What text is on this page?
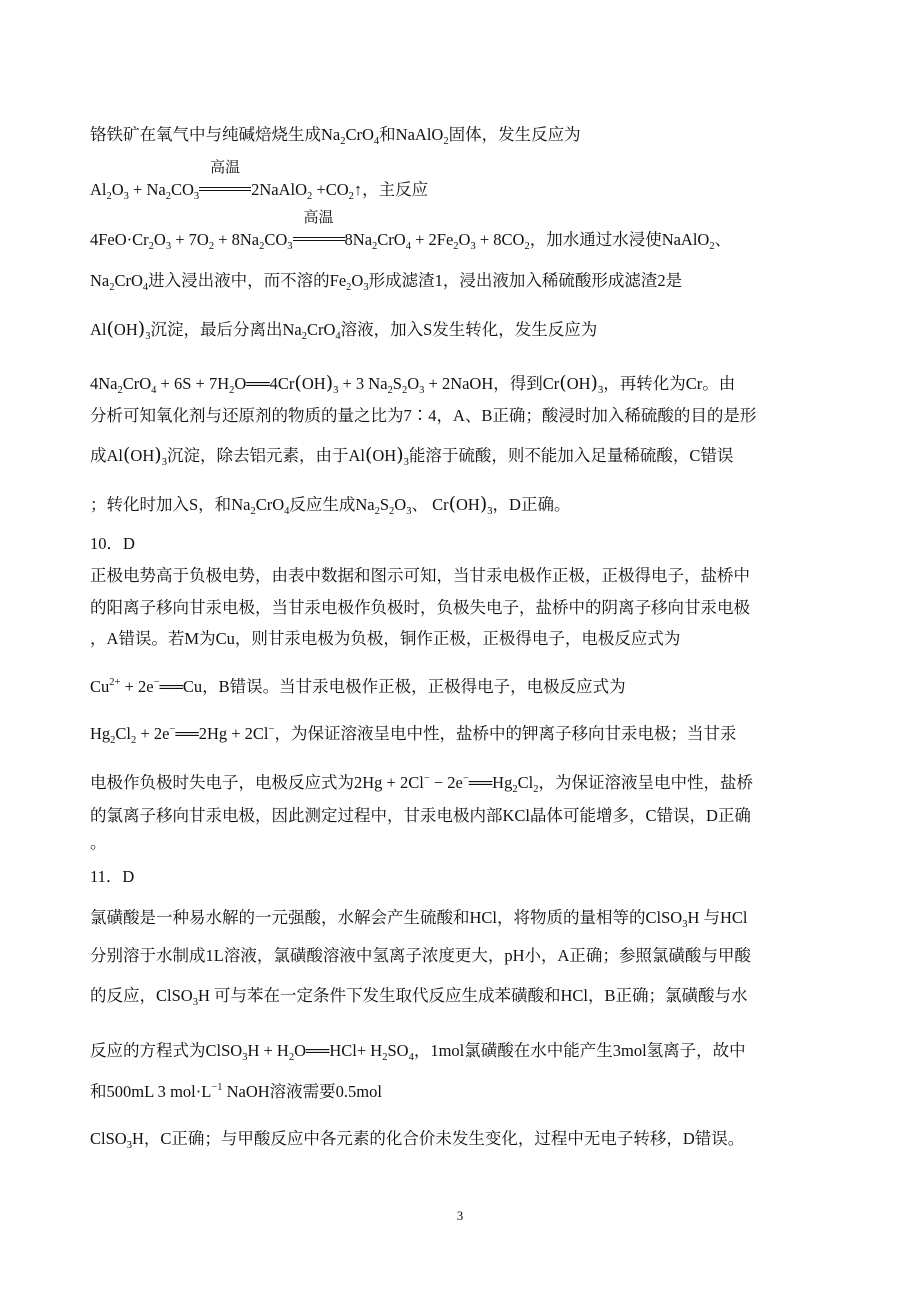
铬铁矿在氧气中与纯碱焙烧生成$Na_2CrO_4$和NaAlO$_2$固体，发生反应为
$Al_2O_3 + Na_2CO_3$
高温
2NaAlO$_2$ $+CO_2↑$，主反应
$4FeO\cdot Cr_2O_3 + 7O_2 + 8Na_2CO_3$
高温
$8Na_2CrO_4 + 2Fe_2O_3 + 8CO_2$，加水通过水浸使NaAlO$_2$、
$Na_2CrO_4$进入浸出液中，而不溶的$Fe_2O_3$形成滤渣1，浸出液加入稀硫酸形成滤渣2是
$Al(OH)_3$沉淀，最后分离出$Na_2CrO_4$溶液，加入S发生转化，发生反应为
$4Na_2CrO_4 + 6S$ + $7H_2O══4Cr(OH)_3 + 3$ $Na_2S_2O_3$ + 2NaOH，得到$Cr(OH)_3$，再转化为Cr。由
分析可知氧化剂与还原剂的物质的量之比为7∶4，A、B正确；酸浸时加入稀硫酸的目的是形
成$Al(OH)_3$沉淀，除去铝元素，由于$Al(OH)_3$能溶于硫酸，则不能加入足量稀硫酸，C错误
；转化时加入S，和$Na_2CrO_4$反应生成$Na_2S_2O_3$、 $Cr(OH)_3$，D正确。
10．D
正极电势高于负极电势，由表中数据和图示可知，当甘汞电极作正极，正极得电子，盐桥中
的阳离子移向甘汞电极，当甘汞电极作负极时，负极失电子，盐桥中的阴离子移向甘汞电极
，A错误。若M为Cu，则甘汞电极为负极，铜作正极，正极得电子，电极反应式为
$Cu^{2+}$ + 2e−══Cu，B错误。当甘汞电极作正极，正极得电子，电极反应式为
$Hg_2Cl_2$ + 2e−══2Hg + 2Cl−，为保证溶液呈电中性，盐桥中的钾离子移向甘汞电极；当甘汞
电极作负极时失电子，电极反应式为$2Hg + 2Cl^- - 2e^-══Hg_2Cl_2$，为保证溶液呈电中性，盐桥
的氯离子移向甘汞电极，因此测定过程中，甘汞电极内部KCl晶体可能增多，C错误，D正确
。
11．D
氯磺酸是一种易水解的一元强酸，水解会产生硫酸和HCl，将物质的量相等的ClSO$_3$H 与HCl
分别溶于水制成1L溶液，氯磺酸溶液中氢离子浓度更大，pH小，A正确；参照氯磺酸与甲酸
的反应，ClSO$_3$H 可与苯在一定条件下发生取代反应生成苯磺酸和HCl，B正确；氯磺酸与水
反应的方程式为ClSO$_3$H + $H_2O══HCl+ H_2SO_4$，1mol氯磺酸在水中能产生3mol氢离子，故中
和500mL 3 $mol\cdot L^{-1}$ NaOH溶液需要0.5mol
ClSO$_3$H，C正确；与甲酸反应中各元素的化合价未发生变化，过程中无电子转移，D错误。
3
